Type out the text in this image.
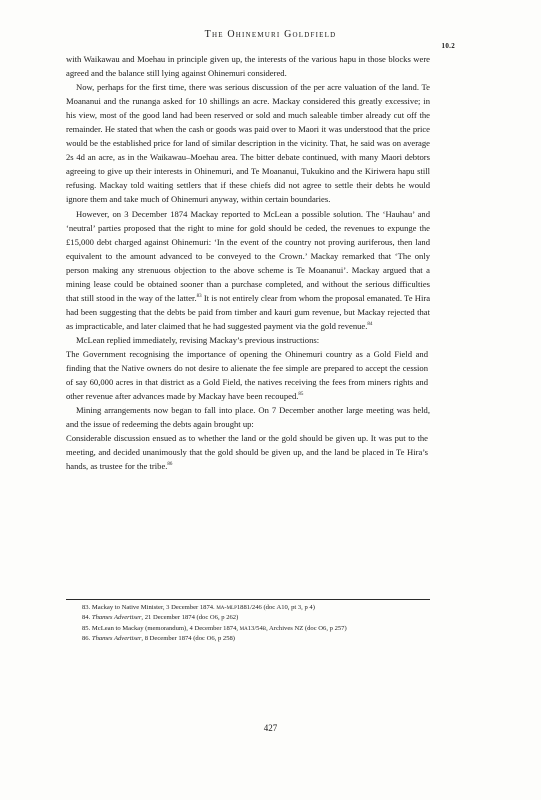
The Ohinemuri Goldfield
10.2

with Waikawau and Moehau in principle given up, the interests of the various hapu in those blocks were agreed and the balance still lying against Ohinemuri considered.

Now, perhaps for the first time, there was serious discussion of the per acre valuation of the land. Te Moananui and the runanga asked for 10 shillings an acre. Mackay considered this greatly excessive; in his view, most of the good land had been reserved or sold and much saleable timber already cut off the remainder. He stated that when the cash or goods was paid over to Maori it was understood that the price would be the established price for land of similar description in the vicinity. That, he said was on average 2s 4d an acre, as in the Waikawau–Moehau area. The bitter debate continued, with many Maori debtors agreeing to give up their interests in Ohinemuri, and Te Moananui, Tukukino and the Kiriwera hapu still refusing. Mackay told waiting settlers that if these chiefs did not agree to settle their debts he would ignore them and take much of Ohinemuri anyway, within certain boundaries.

However, on 3 December 1874 Mackay reported to McLean a possible solution. The ‘Hauhau’ and ‘neutral’ parties proposed that the right to mine for gold should be ceded, the revenues to expunge the £15,000 debt charged against Ohinemuri: ‘In the event of the country not proving auriferous, then land equivalent to the amount advanced to be conveyed to the Crown.’ Mackay remarked that ‘The only person making any strenuous objection to the above scheme is Te Moananui’. Mackay argued that a mining lease could be obtained sooner than a purchase completed, and without the serious difficulties that still stood in the way of the latter.$^{83}$ It is not entirely clear from whom the proposal emanated. Te Hira had been suggesting that the debts be paid from timber and kauri gum revenue, but Mackay rejected that as impracticable, and later claimed that he had suggested payment via the gold revenue.$^{84}$

McLean replied immediately, revising Mackay’s previous instructions:

The Government recognising the importance of opening the Ohinemuri country as a Gold Field and finding that the Native owners do not desire to alienate the fee simple are prepared to accept the cession of say 60,000 acres in that district as a Gold Field, the natives receiving the fees from miners rights and other revenue after advances made by Mackay have been recouped.$^{85}$

Mining arrangements now began to fall into place. On 7 December another large meeting was held, and the issue of redeeming the debts again brought up:

Considerable discussion ensued as to whether the land or the gold should be given up. It was put to the meeting, and decided unanimously that the gold should be given up, and the land be placed in Te Hira’s hands, as trustee for the tribe.$^{86}$

83. Mackay to Native Minister, 3 December 1874. ma-mlp1881/246 (doc A10, pt 3, p 4)
84. Thames Advertiser, 21 December 1874 (doc O6, p 262)
85. McLean to Mackay (memorandum), 4 December 1874, ma13/54b, Archives NZ (doc O6, p 257)
86. Thames Advertiser, 8 December 1874 (doc O6, p 258)
427
